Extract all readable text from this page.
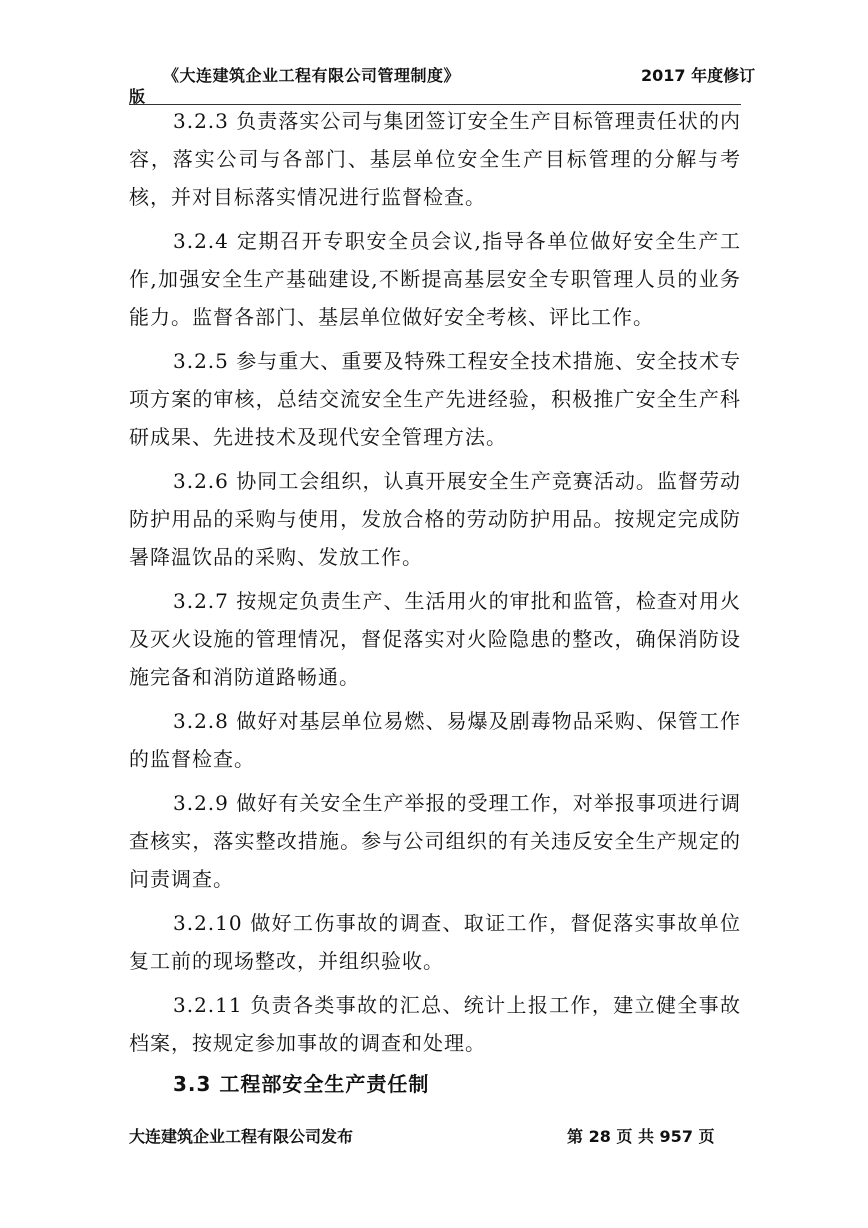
《大连建筑企业工程有限公司管理制度》	2017 年度修订
版

3.2.3 负责落实公司与集团签订安全生产目标管理责任状的内容，落实公司与各部门、基层单位安全生产目标管理的分解与考核，并对目标落实情况进行监督检查。

3.2.4 定期召开专职安全员会议,指导各单位做好安全生产工作,加强安全生产基础建设,不断提高基层安全专职管理人员的业务能力。监督各部门、基层单位做好安全考核、评比工作。

3.2.5 参与重大、重要及特殊工程安全技术措施、安全技术专项方案的审核，总结交流安全生产先进经验，积极推广安全生产科研成果、先进技术及现代安全管理方法。

3.2.6 协同工会组织，认真开展安全生产竞赛活动。监督劳动防护用品的采购与使用，发放合格的劳动防护用品。按规定完成防暑降温饮品的采购、发放工作。

3.2.7 按规定负责生产、生活用火的审批和监管，检查对用火及灭火设施的管理情况，督促落实对火险隐患的整改，确保消防设施完备和消防道路畅通。

3.2.8 做好对基层单位易燃、易爆及剧毒物品采购、保管工作的监督检查。

3.2.9 做好有关安全生产举报的受理工作，对举报事项进行调查核实，落实整改措施。参与公司组织的有关违反安全生产规定的问责调查。

3.2.10 做好工伤事故的调查、取证工作，督促落实事故单位复工前的现场整改，并组织验收。

3.2.11 负责各类事故的汇总、统计上报工作，建立健全事故档案，按规定参加事故的调查和处理。

3.3 工程部安全生产责任制
大连建筑企业工程有限公司发布	第 28 页 共 957 页
